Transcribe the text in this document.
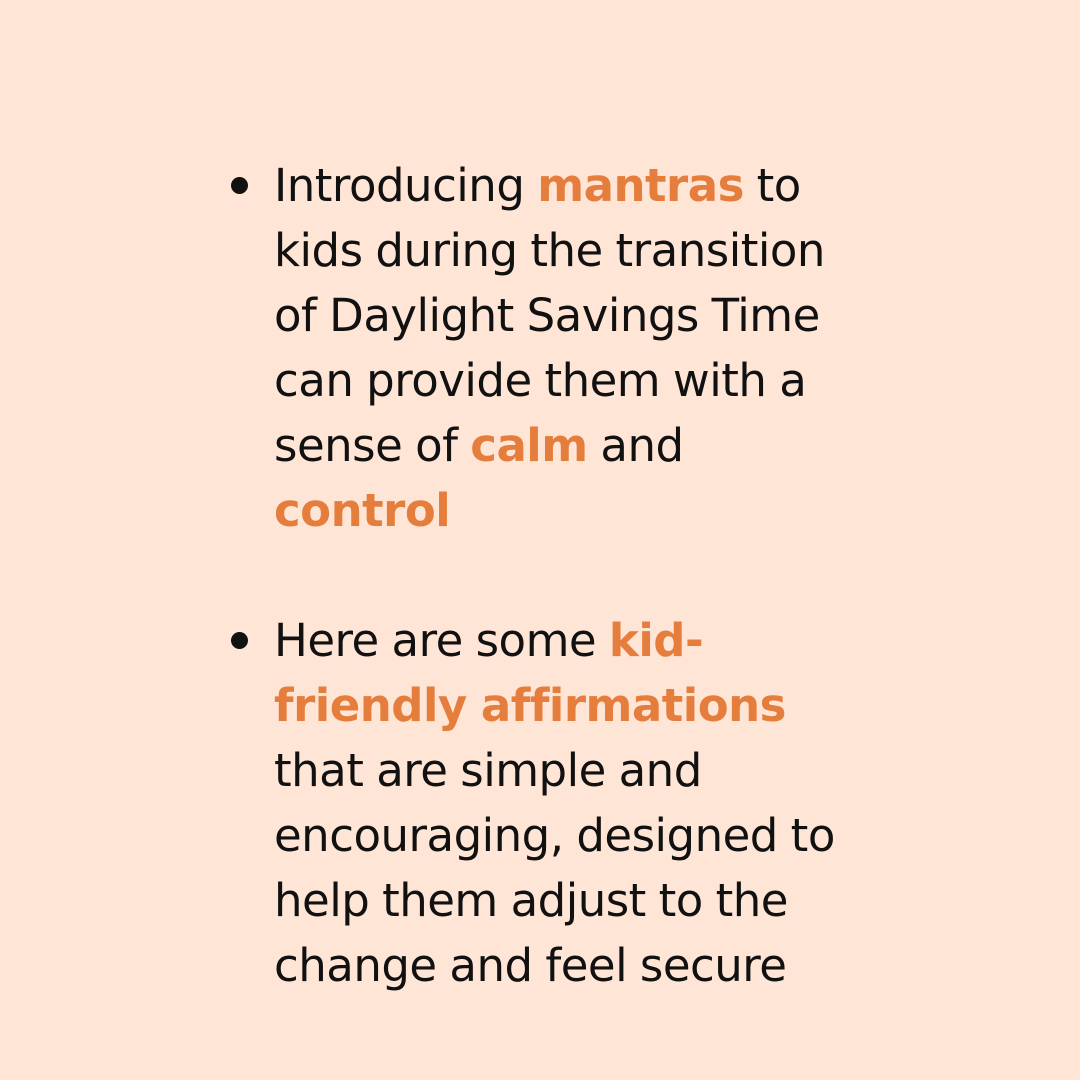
Introducing mantras to kids during the transition of Daylight Savings Time can provide them with a sense of calm and control
Here are some kid-friendly affirmations that are simple and encouraging, designed to help them adjust to the change and feel secure
